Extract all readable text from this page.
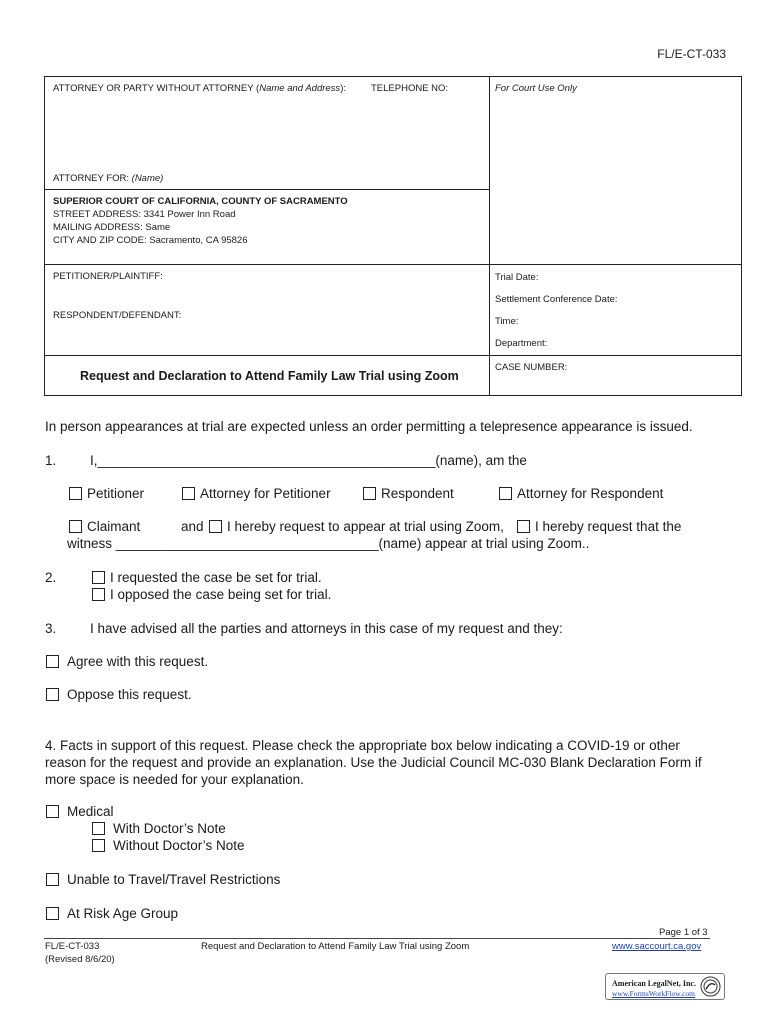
FL/E-CT-033
ATTORNEY OR PARTY WITHOUT ATTORNEY (Name and Address):	TELEPHONE NO:	For Court Use Only
ATTORNEY FOR: (Name)
SUPERIOR COURT OF CALIFORNIA, COUNTY OF SACRAMENTO
STREET ADDRESS: 3341 Power Inn Road
MAILING ADDRESS: Same
CITY AND ZIP CODE: Sacramento, CA 95826
PETITIONER/PLAINTIFF:
RESPONDENT/DEFENDANT:
Trial Date:
Settlement Conference Date:
Time:
Department:
Request and Declaration to Attend Family Law Trial using Zoom
CASE NUMBER:
In person appearances at trial are expected unless an order permitting a telepresence appearance is issued.
1. I,_____________________________________________(name), am the
Petitioner	Attorney for Petitioner	Respondent	Attorney for Respondent
Claimant	and	I hereby request to appear at trial using Zoom,	I hereby request that the
witness ___________________________________(name) appear at trial using Zoom..
2.	I requested the case be set for trial.
I opposed the case being set for trial.
3. I have advised all the parties and attorneys in this case of my request and they:
Agree with this request.
Oppose this request.
4. Facts in support of this request. Please check the appropriate box below indicating a COVID-19 or other
reason for the request and provide an explanation. Use the Judicial Council MC-030 Blank Declaration Form if
more space is needed for your explanation.
Medical
With Doctor’s Note
Without Doctor’s Note
Unable to Travel/Travel Restrictions
At Risk Age Group
Page 1 of 3
FL/E-CT-033
(Revised 8/6/20)
Request and Declaration to Attend Family Law Trial using Zoom	www.saccourt.ca.gov
American LegalNet, Inc.
www.FormsWorkFlow.com
